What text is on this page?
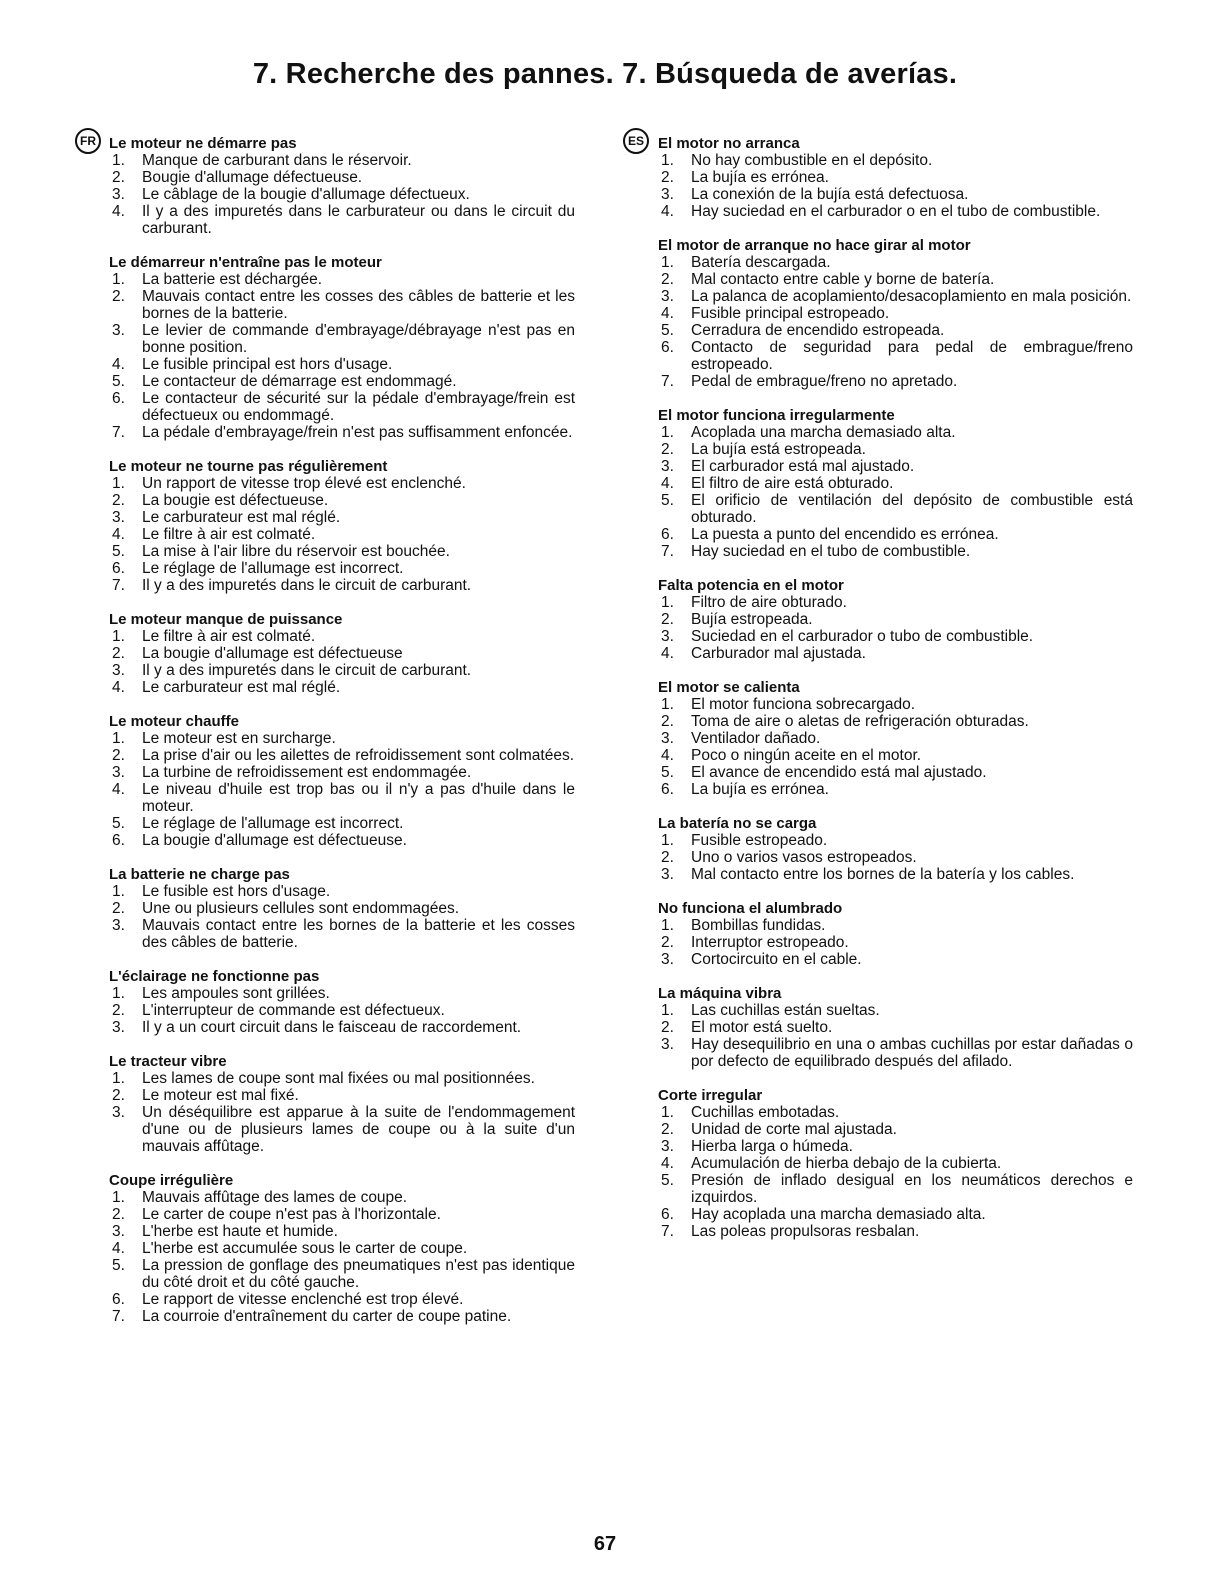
7. Recherche des pannes. 7. Búsqueda de averías.
FR Le moteur ne démarre pas
1. Manque de carburant dans le réservoir.
2. Bougie d'allumage défectueuse.
3. Le câblage de la bougie d'allumage défectueux.
4. Il y a des impuretés dans le carburateur ou dans le circuit du carburant.
Le démarreur n'entraîne pas le moteur
1. La batterie est déchargée.
2. Mauvais contact entre les cosses des câbles de batterie et les bornes de la batterie.
3. Le levier de commande d'embrayage/débrayage n'est pas en bonne position.
4. Le fusible principal est hors d'usage.
5. Le contacteur de démarrage est endommagé.
6. Le contacteur de sécurité sur la pédale d'embrayage/frein est défectueux ou endommagé.
7. La pédale d'embrayage/frein n'est pas suffisamment enfoncée.
Le moteur ne tourne pas régulièrement
1. Un rapport de vitesse trop élevé est enclenché.
2. La bougie est défectueuse.
3. Le carburateur est mal réglé.
4. Le filtre à air est colmaté.
5. La mise à l'air libre du réservoir est bouchée.
6. Le réglage de l'allumage est incorrect.
7. Il y a des impuretés dans le circuit de carburant.
Le moteur manque de puissance
1. Le filtre à air est colmaté.
2. La bougie d'allumage est défectueuse
3. Il y a des impuretés dans le circuit de carburant.
4. Le carburateur est mal réglé.
Le moteur chauffe
1. Le moteur est en surcharge.
2. La prise d'air ou les ailettes de refroidissement sont colmatées.
3. La turbine de refroidissement est endommagée.
4. Le niveau d'huile est trop bas ou il n'y a pas d'huile dans le moteur.
5. Le réglage de l'allumage est incorrect.
6. La bougie d'allumage est défectueuse.
La batterie ne charge pas
1. Le fusible est hors d'usage.
2. Une ou plusieurs cellules sont endommagées.
3. Mauvais contact entre les bornes de la batterie et les cosses des câbles de batterie.
L'éclairage ne fonctionne pas
1. Les ampoules sont grillées.
2. L'interrupteur de commande est défectueux.
3. Il y a un court circuit dans le faisceau de raccordement.
Le tracteur vibre
1. Les lames de coupe sont mal fixées ou mal positionnées.
2. Le moteur est mal fixé.
3. Un déséquilibre est apparue à la suite de l'endommagement d'une ou de plusieurs lames de coupe ou à la suite d'un mauvais affûtage.
Coupe irrégulière
1. Mauvais affûtage des lames de coupe.
2. Le carter de coupe n'est pas à l'horizontale.
3. L'herbe est haute et humide.
4. L'herbe est accumulée sous le carter de coupe.
5. La pression de gonflage des pneumatiques n'est pas identique du côté droit et du côté gauche.
6. Le rapport de vitesse enclenché est trop élevé.
7. La courroie d'entraînement du carter de coupe patine.
ES El motor no arranca
1. No hay combustible en el depósito.
2. La bujía es errónea.
3. La conexión de la bujía está defectuosa.
4. Hay suciedad en el carburador o en el tubo de combustible.
El motor de arranque no hace girar al motor
1. Batería descargada.
2. Mal contacto entre cable y borne de batería.
3. La palanca de acoplamiento/desacoplamiento en mala posición.
4. Fusible principal estropeado.
5. Cerradura de encendido estropeada.
6. Contacto de seguridad para pedal de embrague/freno estropeado.
7. Pedal de embrague/freno no apretado.
El motor funciona irregularmente
1. Acoplada una marcha demasiado alta.
2. La bujía está estropeada.
3. El carburador está mal ajustado.
4. El filtro de aire está obturado.
5. El orificio de ventilación del depósito de combustible está obturado.
6. La puesta a punto del encendido es errónea.
7. Hay suciedad en el tubo de combustible.
Falta potencia en el motor
1. Filtro de aire obturado.
2. Bujía estropeada.
3. Suciedad en el carburador o tubo de combustible.
4. Carburador mal ajustada.
El motor se calienta
1. El motor funciona sobrecargado.
2. Toma de aire o aletas de refrigeración obturadas.
3. Ventilador dañado.
4. Poco o ningún aceite en el motor.
5. El avance de encendido está mal ajustado.
6. La bujía es errónea.
La batería no se carga
1. Fusible estropeado.
2. Uno o varios vasos estropeados.
3. Mal contacto entre los bornes de la batería y los cables.
No funciona el alumbrado
1. Bombillas fundidas.
2. Interruptor estropeado.
3. Cortocircuito en el cable.
La máquina vibra
1. Las cuchillas están sueltas.
2. El motor está suelto.
3. Hay desequilibrio en una o ambas cuchillas por estar dañadas o por defecto de equilibrado después del afilado.
Corte irregular
1. Cuchillas embotadas.
2. Unidad de corte mal ajustada.
3. Hierba larga o húmeda.
4. Acumulación de hierba debajo de la cubierta.
5. Presión de inflado desigual en los neumáticos derechos e izquirdos.
6. Hay acoplada una marcha demasiado alta.
7. Las poleas propulsoras resbalan.
67
